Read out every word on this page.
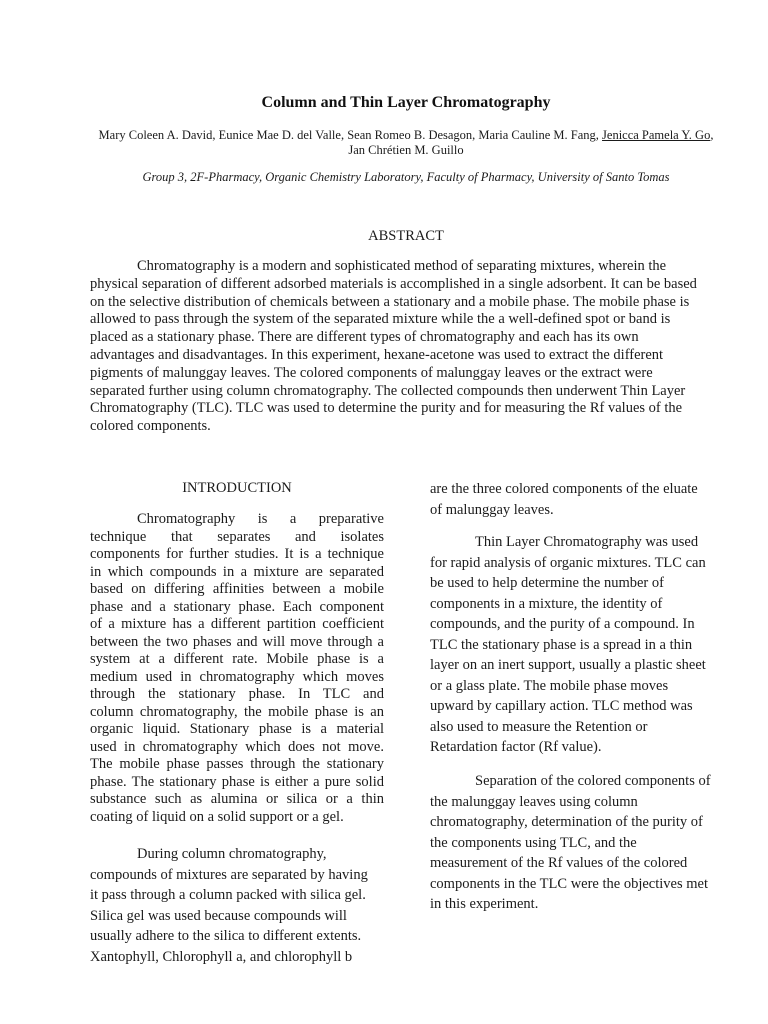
Column and Thin Layer Chromatography
Mary Coleen A. David, Eunice Mae D. del Valle, Sean Romeo B. Desagon, Maria Cauline M. Fang, Jenicca Pamela Y. Go,
Jan Chrétien M. Guillo
Group 3, 2F-Pharmacy, Organic Chemistry Laboratory, Faculty of Pharmacy, University of Santo Tomas
ABSTRACT
Chromatography is a modern and sophisticated method of separating mixtures, wherein the
physical separation of different adsorbed materials is accomplished in a single adsorbent. It can be based
on the selective distribution of chemicals between a stationary and a mobile phase. The mobile phase is
allowed to pass through the system of the separated mixture while the a well-defined spot or band is
placed as a stationary phase. There are different types of chromatography and each has its own
advantages and disadvantages. In this experiment, hexane-acetone was used to extract the different
pigments of malunggay leaves. The colored components of malunggay leaves or the extract were
separated further using column chromatography. The collected compounds then underwent Thin Layer
Chromatography (TLC). TLC was used to determine the purity and for measuring the Rf values of the
colored components.
INTRODUCTION
Chromatography is a preparative
technique that separates and isolates
components for further studies. It is a technique
in which compounds in a mixture are separated
based on differing affinities between a mobile
phase and a stationary phase. Each component
of a mixture has a different partition coefficient
between the two phases and will move through a
system at a different rate. Mobile phase is a
medium used in chromatography which moves
through the stationary phase. In TLC and
column chromatography, the mobile phase is an
organic liquid. Stationary phase is a material
used in chromatography which does not move.
The mobile phase passes through the stationary
phase. The stationary phase is either a pure solid
substance such as alumina or silica or a thin
coating of liquid on a solid support or a gel.
During column chromatography,
compounds of mixtures are separated by having
it pass through a column packed with silica gel.
Silica gel was used because compounds will
usually adhere to the silica to different extents.
Xantophyll, Chlorophyll a, and chlorophyll b
are the three colored components of the eluate
of malunggay leaves.
Thin Layer Chromatography was used
for rapid analysis of organic mixtures. TLC can
be used to help determine the number of
components in a mixture, the identity of
compounds, and the purity of a compound. In
TLC the stationary phase is a spread in a thin
layer on an inert support, usually a plastic sheet
or a glass plate. The mobile phase moves
upward by capillary action. TLC method was
also used to measure the Retention or
Retardation factor (Rf value).
Separation of the colored components of
the malunggay leaves using column
chromatography, determination of the purity of
the components using TLC, and the
measurement of the Rf values of the colored
components in the TLC were the objectives met
in this experiment.
